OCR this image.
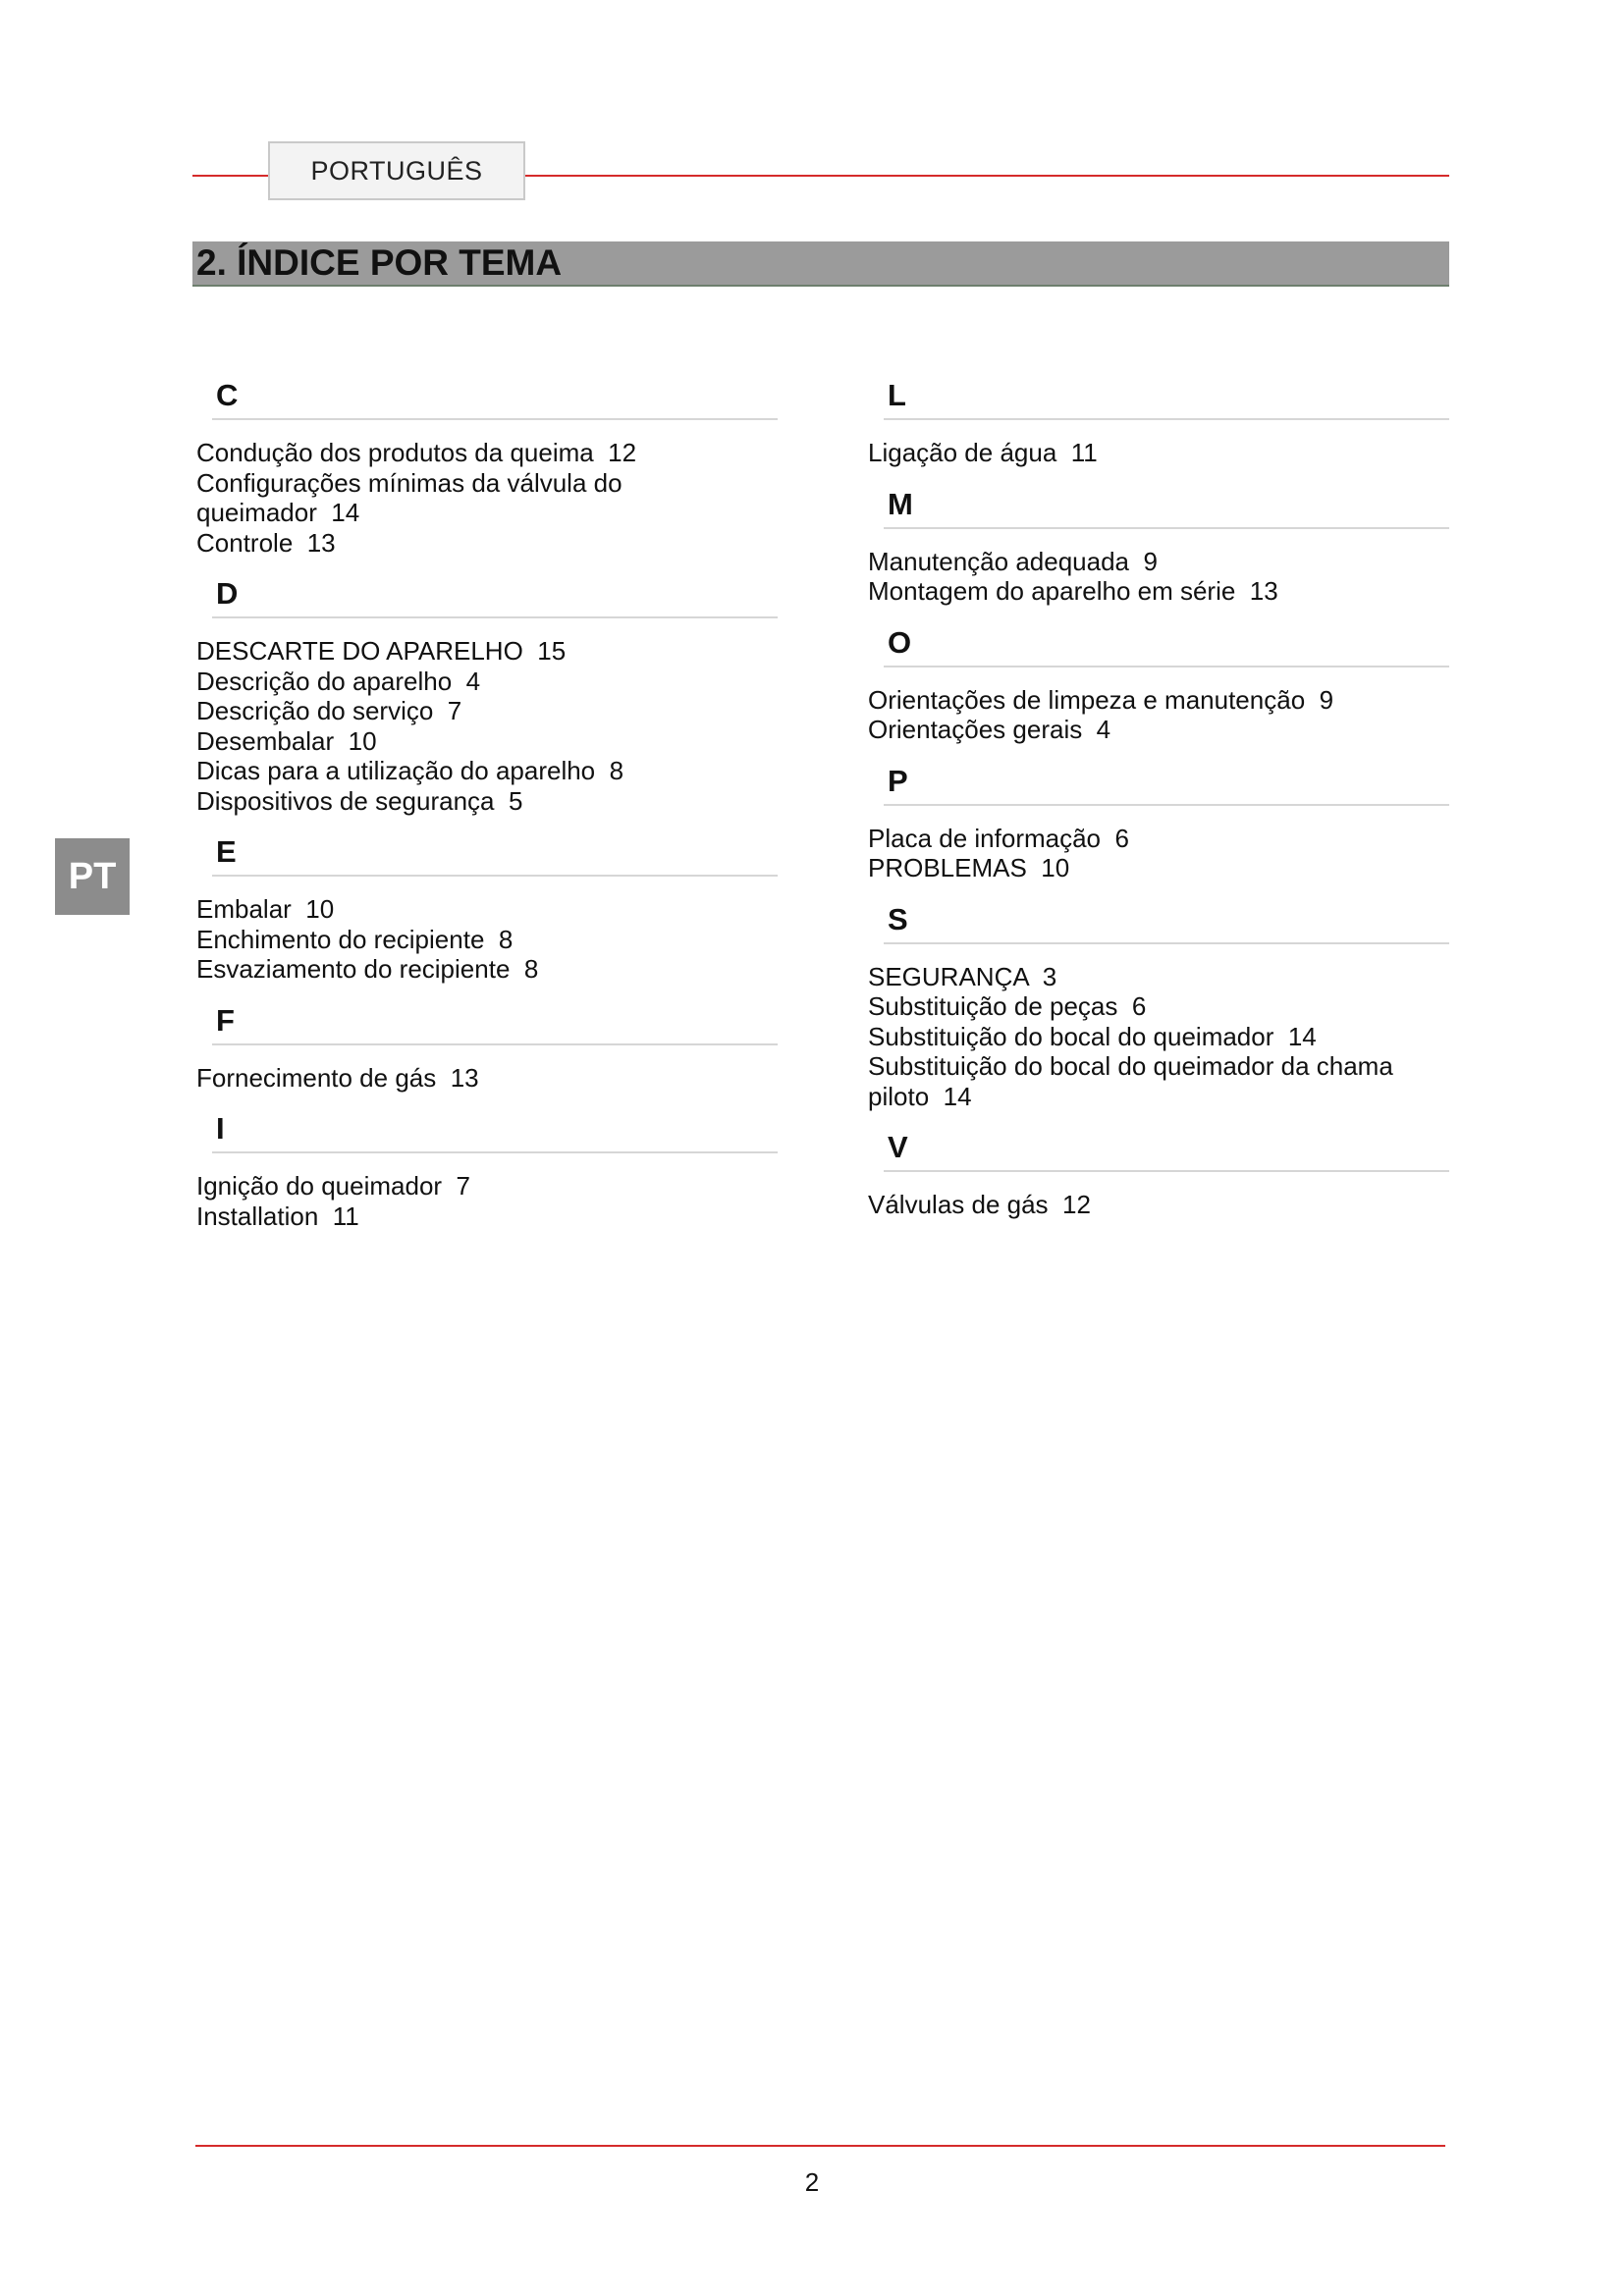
PORTUGUÊS
2. ÍNDICE POR TEMA
PT
C
Condução dos produtos da queima  12
Configurações mínimas da válvula do
queimador  14
Controle  13
D
DESCARTE DO APARELHO  15
Descrição do aparelho  4
Descrição do serviço  7
Desembalar  10
Dicas para a utilização do aparelho  8
Dispositivos de segurança  5
E
Embalar  10
Enchimento do recipiente  8
Esvaziamento do recipiente  8
F
Fornecimento de gás  13
I
Ignição do queimador  7
Installation  11
L
Ligação de água  11
M
Manutenção adequada  9
Montagem do aparelho em série  13
O
Orientações de limpeza e manutenção  9
Orientações gerais  4
P
Placa de informação  6
PROBLEMAS  10
S
SEGURANÇA  3
Substituição de peças  6
Substituição do bocal do queimador  14
Substituição do bocal do queimador da chama
piloto  14
V
Válvulas de gás  12
2
